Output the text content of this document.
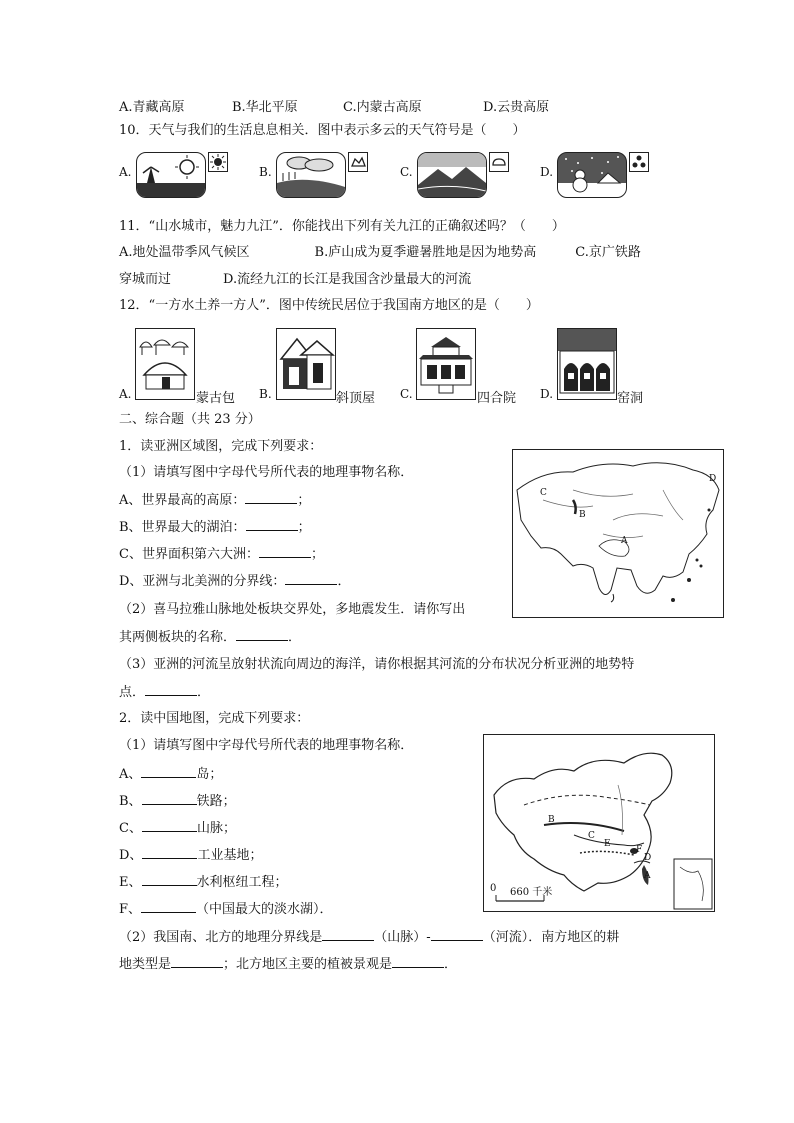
A.青藏高原	B.华北平原	C.内蒙古高原	D.云贵高原
10．天气与我们的生活息息相关．图中表示多云的天气符号是（　　）
A.	B.	C.	D.
11．“山水城市，魅力九江”．你能找出下列有关九江的正确叙述吗？（　　）
A.地处温带季风气候区　　　　　B.庐山成为夏季避暑胜地是因为地势高　　　C.京广铁路
穿城而过　　　　D.流经九江的长江是我国含沙量最大的河流
12．“一方水土养一方人”．图中传统民居位于我国南方地区的是（　　）
A.	蒙古包 B.	斜顶屋 C.	四合院 D.	窑洞
二、综合题（共 23 分）
1．读亚洲区域图，完成下列要求：
（1）请填写图中字母代号所代表的地理事物名称．
A、世界最高的高原：	；
B、世界最大的湖泊：	；
C、世界面积第六大洲：	；
D、亚洲与北美洲的分界线：	．
（2）喜马拉雅山脉地处板块交界处，多地震发生．请你写出
其两侧板块的名称．	．
（3）亚洲的河流呈放射状流向周边的海洋，请你根据其河流的分布状况分析亚洲的地势特
点．	．
C
A
B
D
2．读中国地图，完成下列要求：
（1）请填写图中字母代号所代表的地理事物名称．
A、	岛；
B、	铁路；
C、	山脉；
D、	工业基地；
E、	水利枢纽工程；
F、	（中国最大的淡水湖）．
（2）我国南、北方的地理分界线是	（山脉）-	（河流）．南方地区的耕
地类型是	；北方地区主要的植被景观是	．
B
C
E
F
D
A
0 660 千米
